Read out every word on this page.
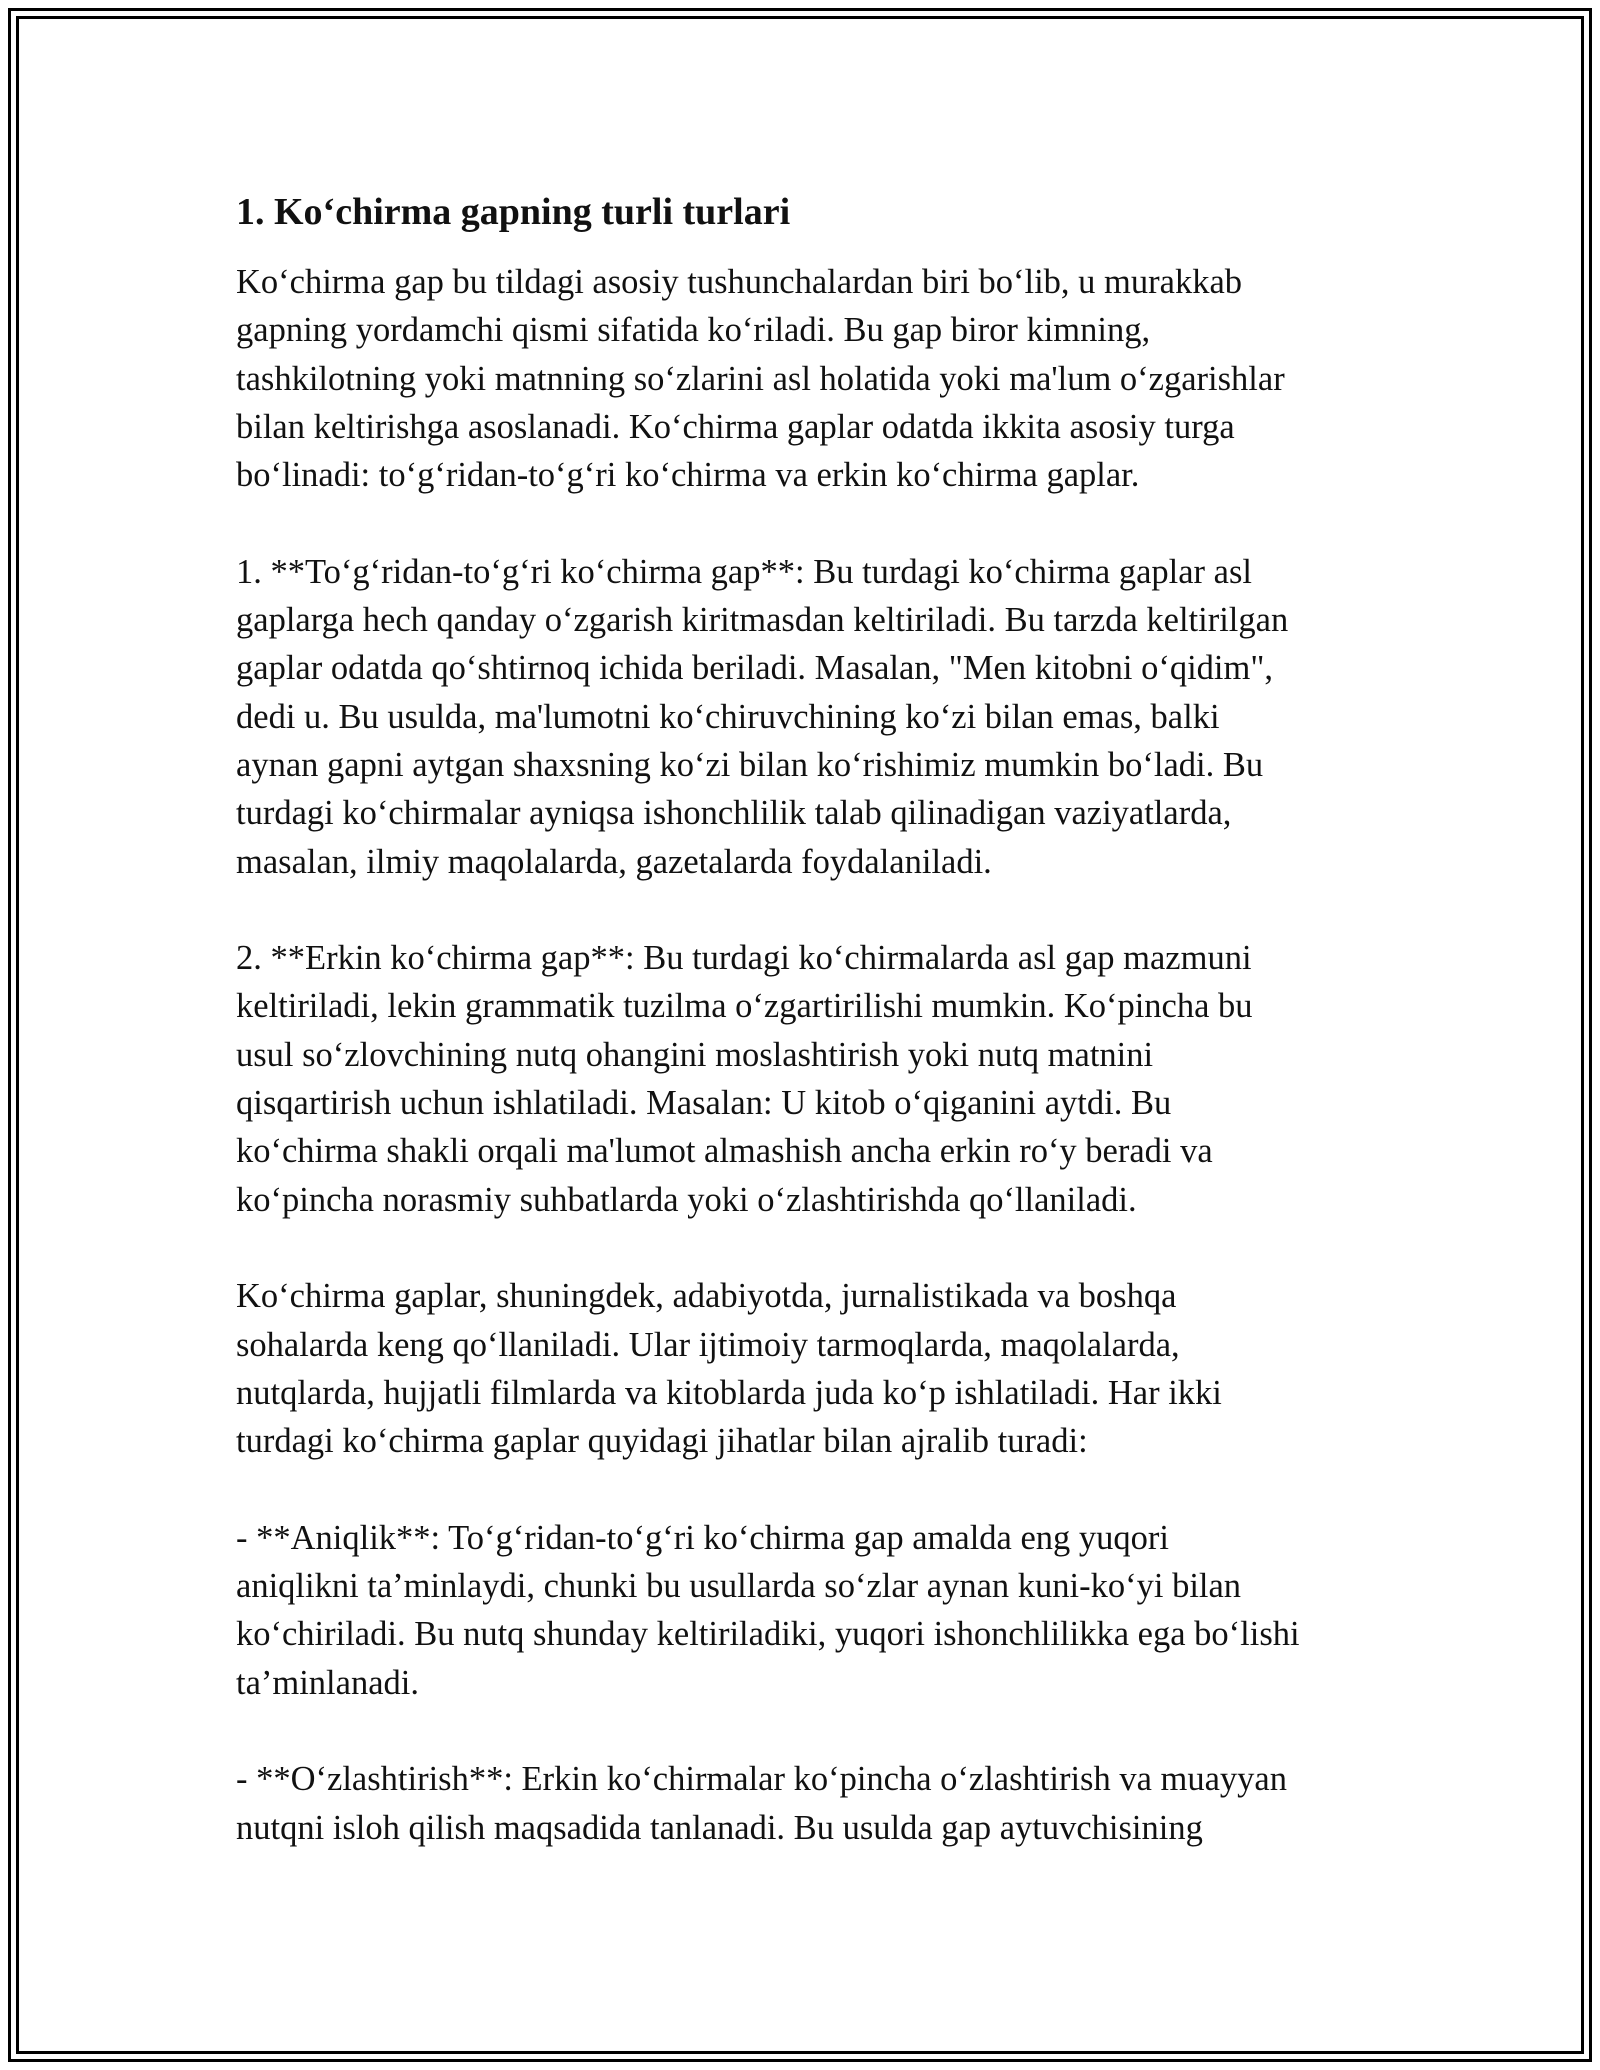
1. Ko‘chirma gapning turli turlari

Ko‘chirma gap bu tildagi asosiy tushunchalardan biri bo‘lib, u murakkab
gapning yordamchi qismi sifatida ko‘riladi. Bu gap biror kimning,
tashkilotning yoki matnning so‘zlarini asl holatida yoki ma'lum o‘zgarishlar
bilan keltirishga asoslanadi. Ko‘chirma gaplar odatda ikkita asosiy turga
bo‘linadi: to‘g‘ridan-to‘g‘ri ko‘chirma va erkin ko‘chirma gaplar.

1. **To‘g‘ridan-to‘g‘ri ko‘chirma gap**: Bu turdagi ko‘chirma gaplar asl
gaplarga hech qanday o‘zgarish kiritmasdan keltiriladi. Bu tarzda keltirilgan
gaplar odatda qo‘shtirnoq ichida beriladi. Masalan, "Men kitobni o‘qidim",
dedi u. Bu usulda, ma'lumotni ko‘chiruvchining ko‘zi bilan emas, balki
aynan gapni aytgan shaxsning ko‘zi bilan ko‘rishimiz mumkin bo‘ladi. Bu
turdagi ko‘chirmalar ayniqsa ishonchlilik talab qilinadigan vaziyatlarda,
masalan, ilmiy maqolalarda, gazetalarda foydalaniladi.

2. **Erkin ko‘chirma gap**: Bu turdagi ko‘chirmalarda asl gap mazmuni
keltiriladi, lekin grammatik tuzilma o‘zgartirilishi mumkin. Ko‘pincha bu
usul so‘zlovchining nutq ohangini moslashtirish yoki nutq matnini
qisqartirish uchun ishlatiladi. Masalan: U kitob o‘qiganini aytdi. Bu
ko‘chirma shakli orqali ma'lumot almashish ancha erkin ro‘y beradi va
ko‘pincha norasmiy suhbatlarda yoki o‘zlashtirishda qo‘llaniladi.

Ko‘chirma gaplar, shuningdek, adabiyotda, jurnalistikada va boshqa
sohalarda keng qo‘llaniladi. Ular ijtimoiy tarmoqlarda, maqolalarda,
nutqlarda, hujjatli filmlarda va kitoblarda juda ko‘p ishlatiladi. Har ikki
turdagi ko‘chirma gaplar quyidagi jihatlar bilan ajralib turadi:

- **Aniqlik**: To‘g‘ridan-to‘g‘ri ko‘chirma gap amalda eng yuqori
aniqlikni ta’minlaydi, chunki bu usullarda so‘zlar aynan kuni-ko‘yi bilan
ko‘chiriladi. Bu nutq shunday keltiriladiki, yuqori ishonchlilikka ega bo‘lishi
ta’minlanadi.

- **O‘zlashtirish**: Erkin ko‘chirmalar ko‘pincha o‘zlashtirish va muayyan
nutqni isloh qilish maqsadida tanlanadi. Bu usulda gap aytuvchisining
